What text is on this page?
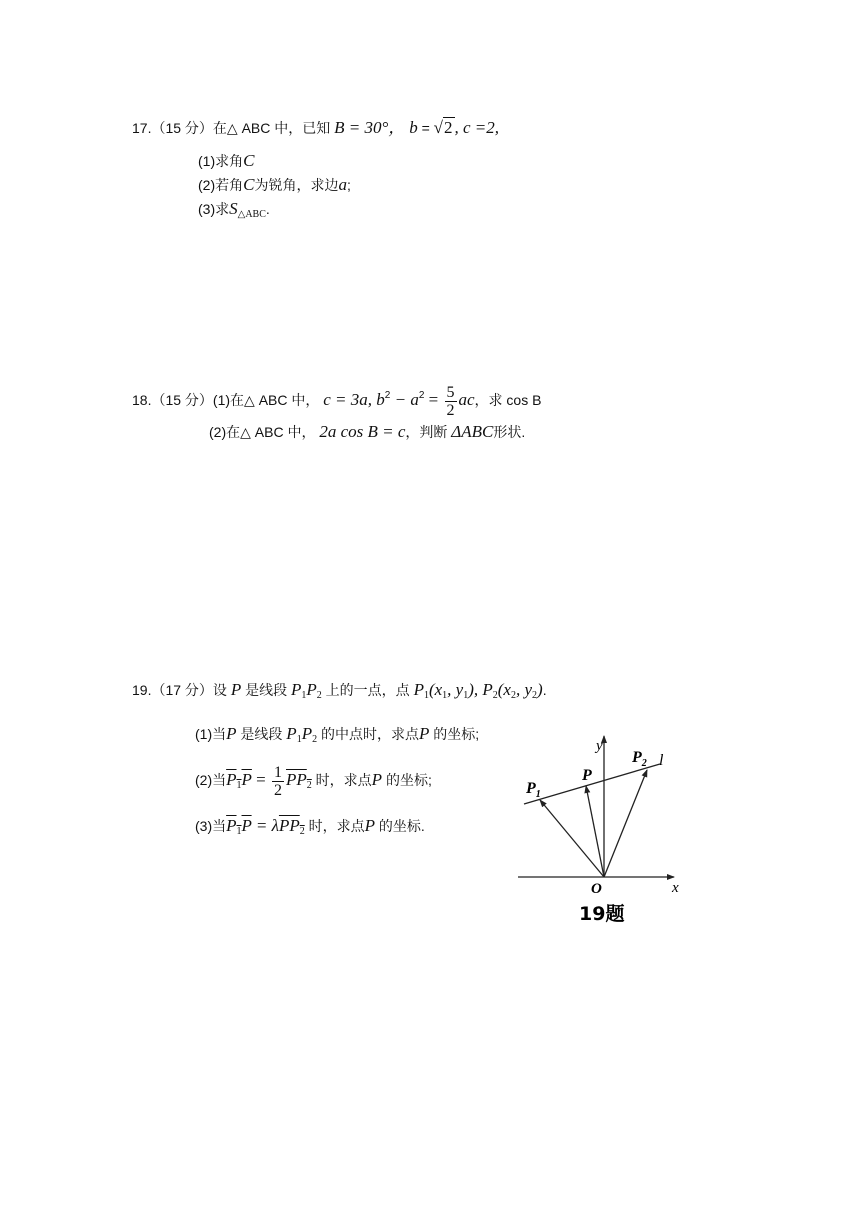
17.（15 分）在△ ABC 中，已知 B = 30°， b = √2 , c =2,
(1)求角C
(2)若角C为锐角，求边a;
(3)求$S_{\triangle ABC}$.
18.（15 分）(1)在△ ABC 中， c = 3a, $b^2 - a^2 = \frac{5}{2}$ ac，求 cos B
(2)在△ ABC 中， 2a cos B = c，判断 ΔABC形状.
19.（17 分）设 P 是线段 $P_1P_2$ 上的一点，点 $P_1(x_1$, $y_1$), $P_2(x_2$, $y_2$).
(1)当P 是线段 $P_1P_2$ 的中点时，求点P 的坐标;
(2)当$P_1P = \frac{1}{2} PP_2$ 时，求点P 的坐标;
(3)当$P_1P = \lambda PP_2$ 时，求点P 的坐标.
y
x
O
l
P
$P_1$
$P_2$
19题
